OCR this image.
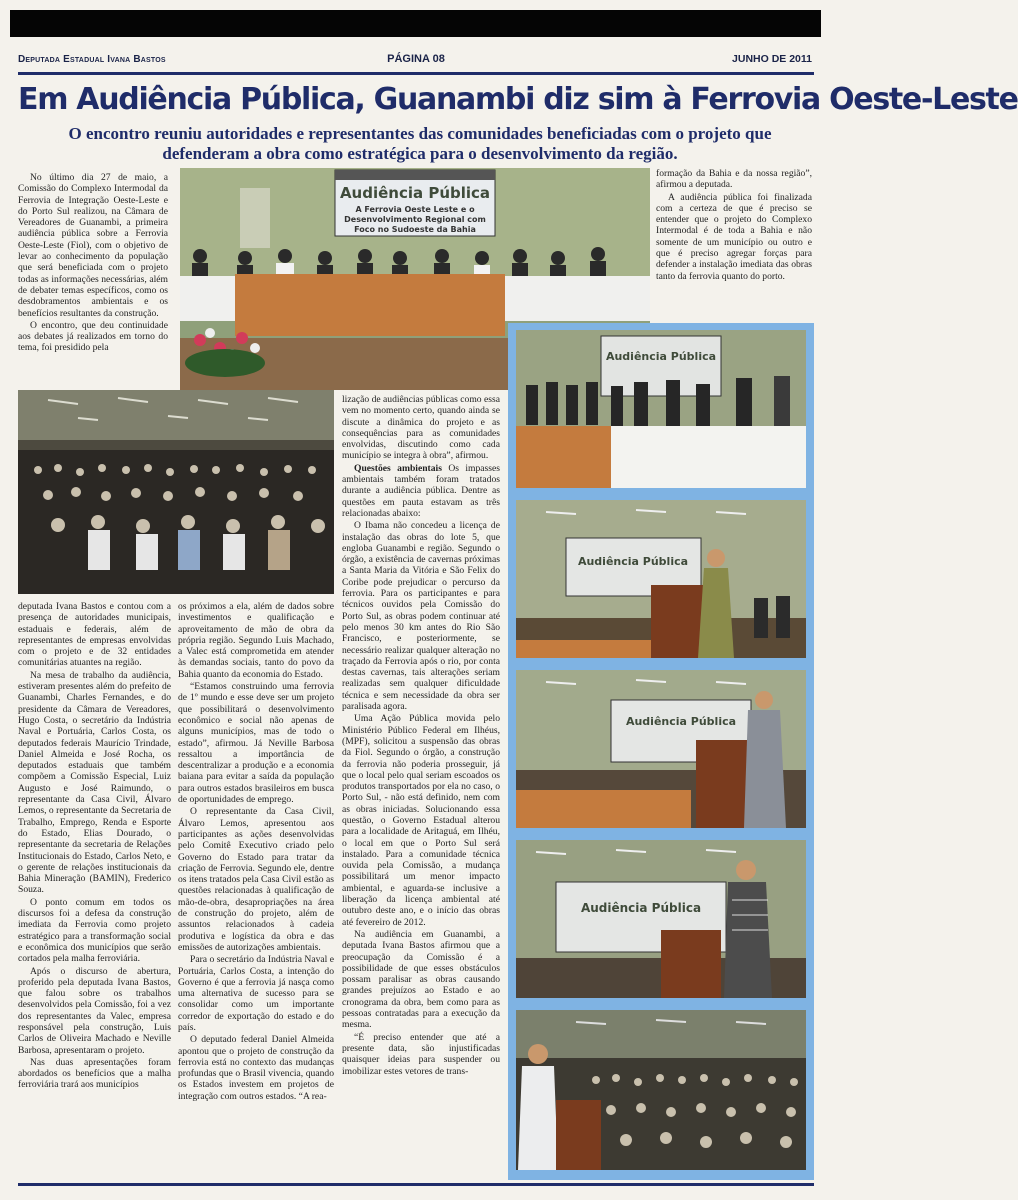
Deputada Estadual Ivana Bastos	PÁGINA 08	JUNHO DE 2011
Em Audiência Pública, Guanambi diz sim à Ferrovia Oeste-Leste
O encontro reuniu autoridades e representantes das comunidades beneficiadas com o projeto que defenderam a obra como estratégica para o desenvolvimento da região.

No último dia 27 de maio, a Comissão do Complexo Intermodal da Ferrovia de Integração Oeste-Leste e do Porto Sul realizou, na Câmara de Vereadores de Guanambi, a primeira audiência pública sobre a Ferrovia Oeste-Leste (Fiol), com o objetivo de levar ao conhecimento da população que será beneficiada com o projeto todas as informações necessárias, além de debater temas específicos, como os desdobramentos ambientais e os benefícios resultantes da construção.

O encontro, que deu continuidade aos debates já realizados em torno do tema, foi presidido pela

Audiência Pública
A Ferrovia Oeste Leste e o
Desenvolvimento Regional com
Foco no Sudoeste da Bahia

deputada Ivana Bastos e contou com a presença de autoridades municipais, estaduais e federais, além de representantes de empresas envolvidas com o projeto e de 32 entidades comunitárias atuantes na região.

Na mesa de trabalho da audiência, estiveram presentes além do prefeito de Guanambi, Charles Fernandes, e do presidente da Câmara de Vereadores, Hugo Costa, o secretário da Indústria Naval e Portuária, Carlos Costa, os deputados federais Maurício Trindade, Daniel Almeida e José Rocha, os deputados estaduais que também compõem a Comissão Especial, Luiz Augusto e José Raimundo, o representante da Casa Civil, Álvaro Lemos, o representante da Secretaria de Trabalho, Emprego, Renda e Esporte do Estado, Elias Dourado, o representante da secretaria de Relações Institucionais do Estado, Carlos Neto, e o gerente de relações institucionais da Bahia Mineração (BAMIN), Frederico Souza.

O ponto comum em todos os discursos foi a defesa da construção imediata da Ferrovia como projeto estratégico para a transformação social e econômica dos municípios que serão cortados pela malha ferroviária.

Após o discurso de abertura, proferido pela deputada Ivana Bastos, que falou sobre os trabalhos desenvolvidos pela Comissão, foi a vez dos representantes da Valec, empresa responsável pela construção, Luis Carlos de Oliveira Machado e Neville Barbosa, apresentaram o projeto.

Nas duas apresentações foram abordados os benefícios que a malha ferroviária trará aos municípios

os próximos a ela, além de dados sobre investimentos e qualificação e aproveitamento de mão de obra da própria região. Segundo Luis Machado, a Valec está comprometida em atender às demandas sociais, tanto do povo da Bahia quanto da economia do Estado.

“Estamos construindo uma ferrovia de 1º mundo e esse deve ser um projeto que possibilitará o desenvolvimento econômico e social não apenas de alguns municípios, mas de todo o estado”, afirmou. Já Neville Barbosa ressaltou a importância de descentralizar a produção e a economia baiana para evitar a saída da população para outros estados brasileiros em busca de oportunidades de emprego.

O representante da Casa Civil, Álvaro Lemos, apresentou aos participantes as ações desenvolvidas pelo Comitê Executivo criado pelo Governo do Estado para tratar da criação de Ferrovia. Segundo ele, dentre os itens tratados pela Casa Civil estão as questões relacionadas à qualificação de mão-de-obra, desapropriações na área de construção do projeto, além de assuntos relacionados à cadeia produtiva e logística da obra e das emissões de autorizações ambientais.

Para o secretário da Indústria Naval e Portuária, Carlos Costa, a intenção do Governo é que a ferrovia já nasça como uma alternativa de sucesso para se consolidar como um importante corredor de exportação do estado e do país.

O deputado federal Daniel Almeida apontou que o projeto de construção da ferrovia está no contexto das mudanças profundas que o Brasil vivencia, quando os Estados investem em projetos de integração com outros estados. “A rea-

lização de audiências públicas como essa vem no momento certo, quando ainda se discute a dinâmica do projeto e as consequências para as comunidades envolvidas, discutindo como cada município se integra à obra”, afirmou.

Questões ambientais Os impasses ambientais também foram tratados durante a audiência pública. Dentre as questões em pauta estavam as três relacionadas abaixo:

O Ibama não concedeu a licença de instalação das obras do lote 5, que engloba Guanambi e região. Segundo o órgão, a existência de cavernas próximas a Santa Maria da Vitória e São Felix do Coribe pode prejudicar o percurso da ferrovia. Para os participantes e para técnicos ouvidos pela Comissão do Porto Sul, as obras podem continuar até pelo menos 30 km antes do Rio São Francisco, e posteriormente, se necessário realizar qualquer alteração no traçado da Ferrovia após o rio, por conta destas cavernas, tais alterações seriam realizadas sem qualquer dificuldade técnica e sem necessidade da obra ser paralisada agora.

Uma Ação Pública movida pelo Ministério Público Federal em Ilhéus, (MPF), solicitou a suspensão das obras da Fiol. Segundo o órgão, a construção da ferrovia não poderia prosseguir, já que o local pelo qual seriam escoados os produtos transportados por ela no caso, o Porto Sul, - não está definido, nem com as obras iniciadas. Solucionando essa questão, o Governo Estadual alterou para a localidade de Aritaguá, em Ilhéu, o local em que o Porto Sul será instalado. Para a comunidade técnica ouvida pela Comissão, a mudança possibilitará um menor impacto ambiental, e aguarda-se inclusive a liberação da licença ambiental até outubro deste ano, e o início das obras até fevereiro de 2012.

Na audiência em Guanambi, a deputada Ivana Bastos afirmou que a preocupação da Comissão é a possibilidade de que esses obstáculos possam paralisar as obras causando grandes prejuízos ao Estado e ao cronograma da obra, bem como para as pessoas contratadas para a execução da mesma.

“É preciso entender que até a presente data, são injustificadas quaisquer ideias para suspender ou imobilizar estes vetores de trans-

formação da Bahia e da nossa região”, afirmou a deputada.

A audiência pública foi finalizada com a certeza de que é preciso se entender que o projeto do Complexo Intermodal é de toda a Bahia e não somente de um município ou outro e que é preciso agregar forças para defender a instalação imediata das obras tanto da ferrovia quanto do porto.

Audiência Pública
Audiência Pública
Audiência Pública
Audiência Pública
